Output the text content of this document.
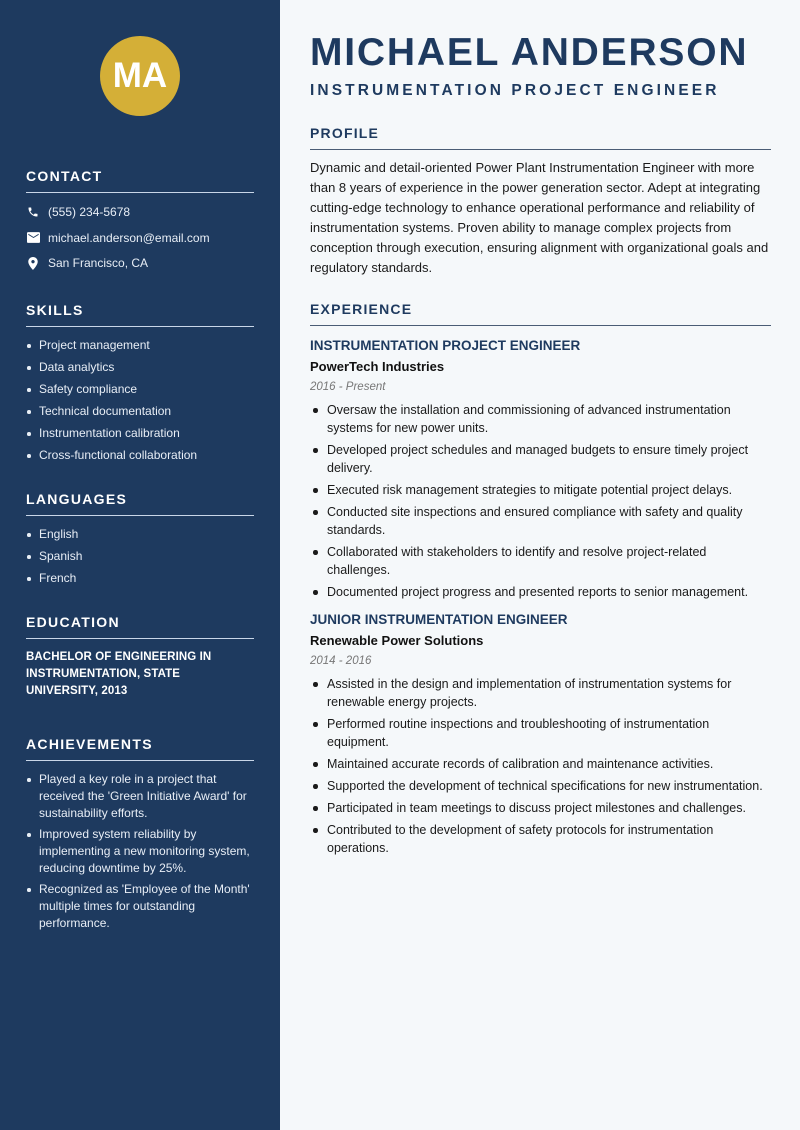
MA
CONTACT
(555) 234-5678
michael.anderson@email.com
San Francisco, CA
SKILLS
Project management
Data analytics
Safety compliance
Technical documentation
Instrumentation calibration
Cross-functional collaboration
LANGUAGES
English
Spanish
French
EDUCATION

BACHELOR OF ENGINEERING IN INSTRUMENTATION, STATE UNIVERSITY, 2013

ACHIEVEMENTS
Played a key role in a project that received the 'Green Initiative Award' for sustainability efforts.
Improved system reliability by implementing a new monitoring system, reducing downtime by 25%.
Recognized as 'Employee of the Month' multiple times for outstanding performance.
MICHAEL ANDERSON
INSTRUMENTATION PROJECT ENGINEER
PROFILE

Dynamic and detail-oriented Power Plant Instrumentation Engineer with more than 8 years of experience in the power generation sector. Adept at integrating cutting-edge technology to enhance operational performance and reliability of instrumentation systems. Proven ability to manage complex projects from conception through execution, ensuring alignment with organizational goals and regulatory standards.

EXPERIENCE
INSTRUMENTATION PROJECT ENGINEER
PowerTech Industries
2016 - Present
Oversaw the installation and commissioning of advanced instrumentation systems for new power units.
Developed project schedules and managed budgets to ensure timely project delivery.
Executed risk management strategies to mitigate potential project delays.
Conducted site inspections and ensured compliance with safety and quality standards.
Collaborated with stakeholders to identify and resolve project-related challenges.
Documented project progress and presented reports to senior management.
JUNIOR INSTRUMENTATION ENGINEER
Renewable Power Solutions
2014 - 2016
Assisted in the design and implementation of instrumentation systems for renewable energy projects.
Performed routine inspections and troubleshooting of instrumentation equipment.
Maintained accurate records of calibration and maintenance activities.
Supported the development of technical specifications for new instrumentation.
Participated in team meetings to discuss project milestones and challenges.
Contributed to the development of safety protocols for instrumentation operations.
